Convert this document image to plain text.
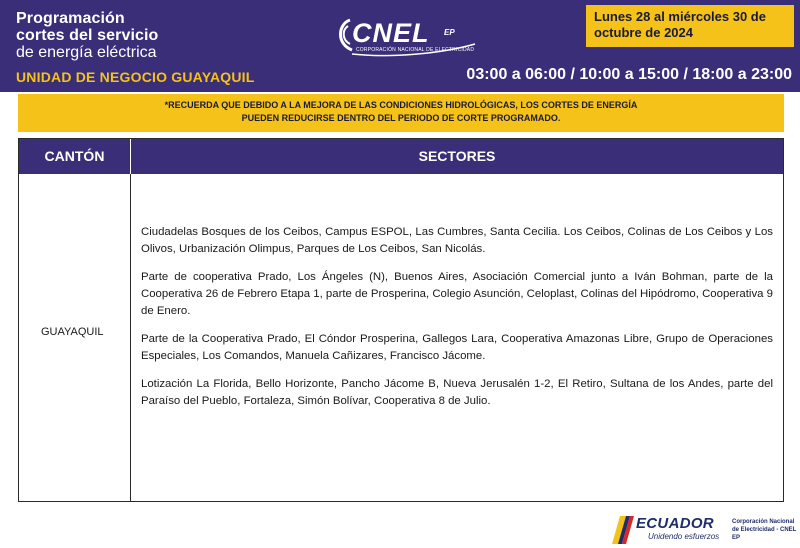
Programación
cortes del servicio
de energía eléctrica
UNIDAD DE NEGOCIO GUAYAQUIL
CNEL EP
CORPORACIÓN NACIONAL DE ELECTRICIDAD
Lunes 28 al miércoles 30 de octubre de 2024
03:00 a 06:00 / 10:00 a 15:00 / 18:00 a 23:00
*RECUERDA QUE DEBIDO A LA MEJORA DE LAS CONDICIONES HIDROLÓGICAS, LOS CORTES DE ENERGÍA
PUEDEN REDUCIRSE DENTRO DEL PERIODO DE CORTE PROGRAMADO.
CANTÓN	SECTORES
GUAYAQUIL

Ciudadelas Bosques de los Ceibos, Campus ESPOL, Las Cumbres, Santa Cecilia. Los Ceibos, Colinas de Los Ceibos y Los Olivos, Urbanización Olimpus, Parques de Los Ceibos, San Nicolás.

Parte de cooperativa Prado, Los Ángeles (N), Buenos Aires, Asociación Comercial junto a Iván Bohman, parte de la Cooperativa 26 de Febrero Etapa 1, parte de Prosperina, Colegio Asunción, Celoplast, Colinas del Hipódromo, Cooperativa 9 de Enero.

Parte de la Cooperativa Prado, El Cóndor Prosperina, Gallegos Lara, Cooperativa Amazonas Libre, Grupo de Operaciones Especiales, Los Comandos, Manuela Cañizares, Francisco Jácome.

Lotización La Florida, Bello Horizonte, Pancho Jácome B, Nueva Jerusalén 1-2, El Retiro, Sultana de los Andes, parte del Paraíso del Pueblo, Fortaleza, Simón Bolívar, Cooperativa 8 de Julio.

ECUADOR
Unidendo esfuerzos
Corporación Nacional
de Electricidad - CNEL EP
